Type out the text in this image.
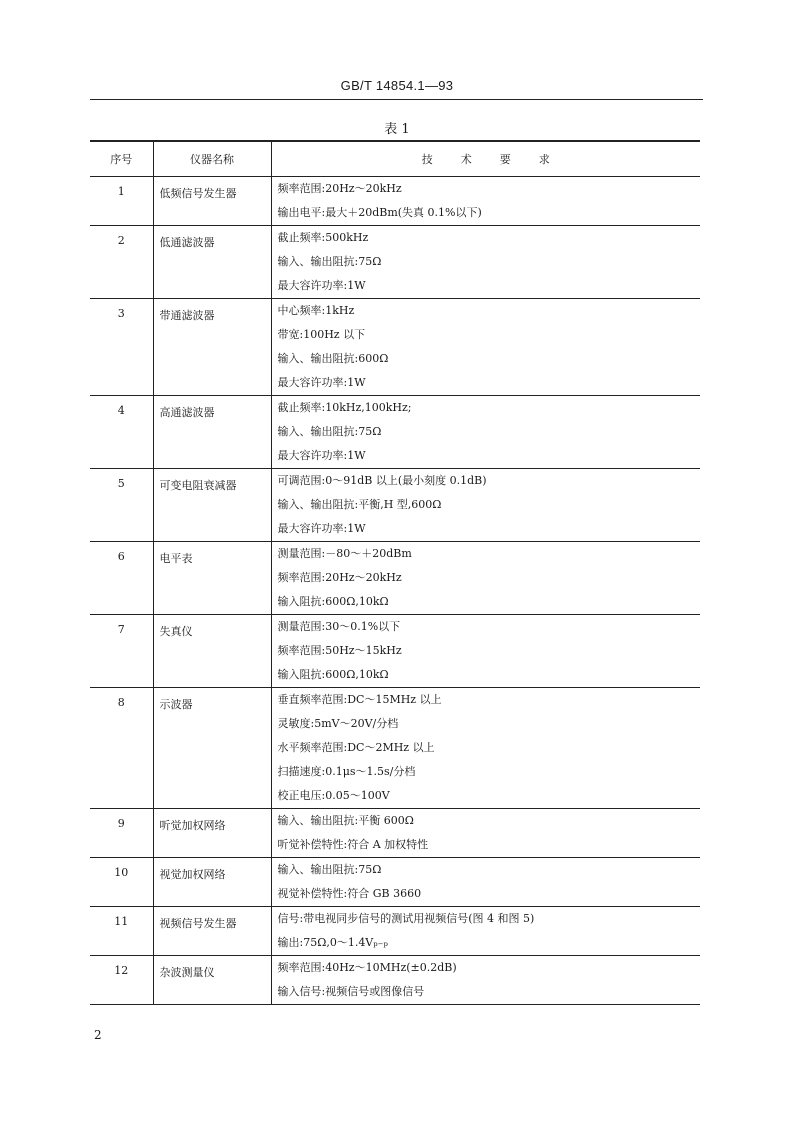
GB/T 14854.1—93
表 1
序号	仪器名称	技术要求
1	低频信号发生器	频率范围:20Hz～20kHz
输出电平:最大＋20dBm(失真 0.1%以下)

2	低通滤波器	截止频率:500kHz
输入、输出阻抗:75Ω
最大容许功率:1W

3	带通滤波器	中心频率:1kHz
带宽:100Hz 以下
输入、输出阻抗:600Ω
最大容许功率:1W

4	高通滤波器	截止频率:10kHz,100kHz;
输入、输出阻抗:75Ω
最大容许功率:1W

5	可变电阻衰减器	可调范围:0～91dB 以上(最小刻度 0.1dB)
输入、输出阻抗:平衡,H 型,600Ω
最大容许功率:1W

6	电平表	测量范围:－80～＋20dBm
频率范围:20Hz～20kHz
输入阻抗:600Ω,10kΩ

7	失真仪	测量范围:30～0.1%以下
频率范围:50Hz～15kHz
输入阻抗:600Ω,10kΩ

8	示波器	垂直频率范围:DC～15MHz 以上
灵敏度:5mV～20V/分档
水平频率范围:DC～2MHz 以上
扫描速度:0.1μs～1.5s/分档
校正电压:0.05～100V

9	听觉加权网络	输入、输出阻抗:平衡 600Ω
听觉补偿特性:符合 A 加权特性

10	视觉加权网络	输入、输出阻抗:75Ω
视觉补偿特性:符合 GB 3660

11	视频信号发生器	信号:带电视同步信号的测试用视频信号(图 4 和图 5)
输出:75Ω,0～1.4Vₚ₋ₚ

12	杂波测量仪	频率范围:40Hz～10MHz(±0.2dB)
输入信号:视频信号或图像信号
2
